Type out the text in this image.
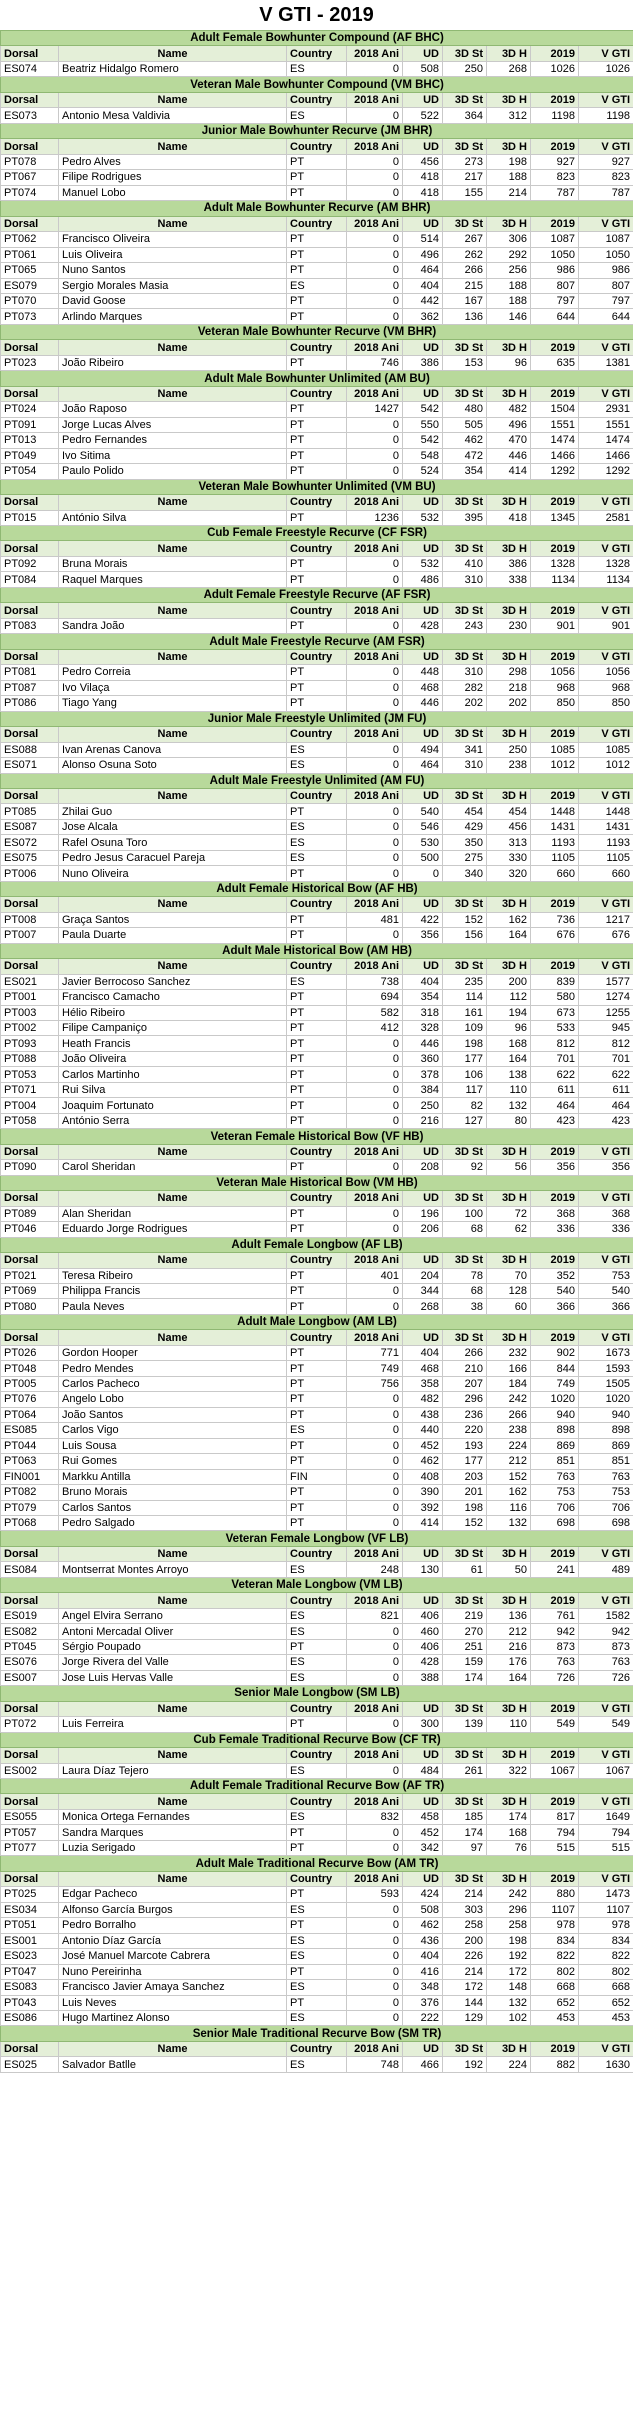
V GTI - 2019
Adult Female Bowhunter Compound (AF BHC)								
Dorsal	Name	Country	2018 Ani	UD	3D St	3D H	2019	V GTI
ES074	Beatriz Hidalgo Romero	ES	0	508	250	268	1026	1026
Veteran Male Bowhunter Compound (VM BHC)								
Dorsal	Name	Country	2018 Ani	UD	3D St	3D H	2019	V GTI
ES073	Antonio Mesa Valdivia	ES	0	522	364	312	1198	1198
Junior Male Bowhunter Recurve (JM BHR)								
Dorsal	Name	Country	2018 Ani	UD	3D St	3D H	2019	V GTI
PT078	Pedro Alves	PT	0	456	273	198	927	927
PT067	Filipe Rodrigues	PT	0	418	217	188	823	823
PT074	Manuel Lobo	PT	0	418	155	214	787	787
Adult Male Bowhunter Recurve (AM BHR)								
Dorsal	Name	Country	2018 Ani	UD	3D St	3D H	2019	V GTI
PT062	Francisco Oliveira	PT	0	514	267	306	1087	1087
PT061	Luis Oliveira	PT	0	496	262	292	1050	1050
PT065	Nuno Santos	PT	0	464	266	256	986	986
ES079	Sergio Morales Masia	ES	0	404	215	188	807	807
PT070	David Goose	PT	0	442	167	188	797	797
PT073	Arlindo Marques	PT	0	362	136	146	644	644
Veteran Male Bowhunter Recurve (VM BHR)								
Dorsal	Name	Country	2018 Ani	UD	3D St	3D H	2019	V GTI
PT023	João Ribeiro	PT	746	386	153	96	635	1381
Adult Male Bowhunter Unlimited (AM BU)								
Dorsal	Name	Country	2018 Ani	UD	3D St	3D H	2019	V GTI
PT024	João Raposo	PT	1427	542	480	482	1504	2931
PT091	Jorge Lucas Alves	PT	0	550	505	496	1551	1551
PT013	Pedro Fernandes	PT	0	542	462	470	1474	1474
PT049	Ivo Sitima	PT	0	548	472	446	1466	1466
PT054	Paulo Polido	PT	0	524	354	414	1292	1292
Veteran Male Bowhunter Unlimited (VM BU)								
Dorsal	Name	Country	2018 Ani	UD	3D St	3D H	2019	V GTI
PT015	António Silva	PT	1236	532	395	418	1345	2581
Cub Female Freestyle Recurve (CF FSR)								
Dorsal	Name	Country	2018 Ani	UD	3D St	3D H	2019	V GTI
PT092	Bruna Morais	PT	0	532	410	386	1328	1328
PT084	Raquel Marques	PT	0	486	310	338	1134	1134
Adult Female Freestyle Recurve (AF FSR)								
Dorsal	Name	Country	2018 Ani	UD	3D St	3D H	2019	V GTI
PT083	Sandra João	PT	0	428	243	230	901	901
Adult Male Freestyle Recurve (AM FSR)								
Dorsal	Name	Country	2018 Ani	UD	3D St	3D H	2019	V GTI
PT081	Pedro Correia	PT	0	448	310	298	1056	1056
PT087	Ivo Vilaça	PT	0	468	282	218	968	968
PT086	Tiago Yang	PT	0	446	202	202	850	850
Junior Male Freestyle Unlimited (JM FU)								
Dorsal	Name	Country	2018 Ani	UD	3D St	3D H	2019	V GTI
ES088	Ivan Arenas Canova	ES	0	494	341	250	1085	1085
ES071	Alonso Osuna Soto	ES	0	464	310	238	1012	1012
Adult Male Freestyle Unlimited (AM FU)								
Dorsal	Name	Country	2018 Ani	UD	3D St	3D H	2019	V GTI
PT085	Zhilai Guo	PT	0	540	454	454	1448	1448
ES087	Jose Alcala	ES	0	546	429	456	1431	1431
ES072	Rafel Osuna Toro	ES	0	530	350	313	1193	1193
ES075	Pedro Jesus Caracuel Pareja	ES	0	500	275	330	1105	1105
PT006	Nuno Oliveira	PT	0	0	340	320	660	660
Adult Female Historical Bow (AF HB)								
Dorsal	Name	Country	2018 Ani	UD	3D St	3D H	2019	V GTI
PT008	Graça Santos	PT	481	422	152	162	736	1217
PT007	Paula Duarte	PT	0	356	156	164	676	676
Adult Male Historical Bow (AM HB)								
Dorsal	Name	Country	2018 Ani	UD	3D St	3D H	2019	V GTI
ES021	Javier Berrocoso Sanchez	ES	738	404	235	200	839	1577
PT001	Francisco Camacho	PT	694	354	114	112	580	1274
PT003	Hélio Ribeiro	PT	582	318	161	194	673	1255
PT002	Filipe Campaniço	PT	412	328	109	96	533	945
PT093	Heath Francis	PT	0	446	198	168	812	812
PT088	João Oliveira	PT	0	360	177	164	701	701
PT053	Carlos Martinho	PT	0	378	106	138	622	622
PT071	Rui Silva	PT	0	384	117	110	611	611
PT004	Joaquim Fortunato	PT	0	250	82	132	464	464
PT058	António Serra	PT	0	216	127	80	423	423
Veteran Female Historical Bow (VF HB)								
Dorsal	Name	Country	2018 Ani	UD	3D St	3D H	2019	V GTI
PT090	Carol Sheridan	PT	0	208	92	56	356	356
Veteran Male Historical Bow (VM HB)								
Dorsal	Name	Country	2018 Ani	UD	3D St	3D H	2019	V GTI
PT089	Alan Sheridan	PT	0	196	100	72	368	368
PT046	Eduardo Jorge Rodrigues	PT	0	206	68	62	336	336
Adult Female Longbow (AF LB)								
Dorsal	Name	Country	2018 Ani	UD	3D St	3D H	2019	V GTI
PT021	Teresa Ribeiro	PT	401	204	78	70	352	753
PT069	Philippa Francis	PT	0	344	68	128	540	540
PT080	Paula Neves	PT	0	268	38	60	366	366
Adult Male Longbow (AM LB)								
Dorsal	Name	Country	2018 Ani	UD	3D St	3D H	2019	V GTI
PT026	Gordon Hooper	PT	771	404	266	232	902	1673
PT048	Pedro Mendes	PT	749	468	210	166	844	1593
PT005	Carlos Pacheco	PT	756	358	207	184	749	1505
PT076	Angelo Lobo	PT	0	482	296	242	1020	1020
PT064	João Santos	PT	0	438	236	266	940	940
ES085	Carlos Vigo	ES	0	440	220	238	898	898
PT044	Luis Sousa	PT	0	452	193	224	869	869
PT063	Rui Gomes	PT	0	462	177	212	851	851
FIN001	Markku Antilla	FIN	0	408	203	152	763	763
PT082	Bruno Morais	PT	0	390	201	162	753	753
PT079	Carlos Santos	PT	0	392	198	116	706	706
PT068	Pedro Salgado	PT	0	414	152	132	698	698
Veteran Female Longbow (VF LB)								
Dorsal	Name	Country	2018 Ani	UD	3D St	3D H	2019	V GTI
ES084	Montserrat Montes Arroyo	ES	248	130	61	50	241	489
Veteran Male Longbow (VM LB)								
Dorsal	Name	Country	2018 Ani	UD	3D St	3D H	2019	V GTI
ES019	Angel Elvira Serrano	ES	821	406	219	136	761	1582
ES082	Antoni Mercadal Oliver	ES	0	460	270	212	942	942
PT045	Sérgio Poupado	PT	0	406	251	216	873	873
ES076	Jorge Rivera del Valle	ES	0	428	159	176	763	763
ES007	Jose Luis Hervas Valle	ES	0	388	174	164	726	726
Senior Male Longbow (SM LB)								
Dorsal	Name	Country	2018 Ani	UD	3D St	3D H	2019	V GTI
PT072	Luis Ferreira	PT	0	300	139	110	549	549
Cub Female Traditional Recurve Bow (CF TR)								
Dorsal	Name	Country	2018 Ani	UD	3D St	3D H	2019	V GTI
ES002	Laura Díaz Tejero	ES	0	484	261	322	1067	1067
Adult Female Traditional Recurve Bow (AF TR)								
Dorsal	Name	Country	2018 Ani	UD	3D St	3D H	2019	V GTI
ES055	Monica Ortega Fernandes	ES	832	458	185	174	817	1649
PT057	Sandra Marques	PT	0	452	174	168	794	794
PT077	Luzia Serigado	PT	0	342	97	76	515	515
Adult Male Traditional Recurve Bow (AM TR)								
Dorsal	Name	Country	2018 Ani	UD	3D St	3D H	2019	V GTI
PT025	Edgar Pacheco	PT	593	424	214	242	880	1473
ES034	Alfonso García Burgos	ES	0	508	303	296	1107	1107
PT051	Pedro Borralho	PT	0	462	258	258	978	978
ES001	Antonio Díaz García	ES	0	436	200	198	834	834
ES023	José Manuel Marcote Cabrera	ES	0	404	226	192	822	822
PT047	Nuno Pereirinha	PT	0	416	214	172	802	802
ES083	Francisco Javier Amaya Sanchez	ES	0	348	172	148	668	668
PT043	Luis Neves	PT	0	376	144	132	652	652
ES086	Hugo Martinez Alonso	ES	0	222	129	102	453	453
Senior Male Traditional Recurve Bow (SM TR)								
Dorsal	Name	Country	2018 Ani	UD	3D St	3D H	2019	V GTI
ES025	Salvador Batlle	ES	748	466	192	224	882	1630
